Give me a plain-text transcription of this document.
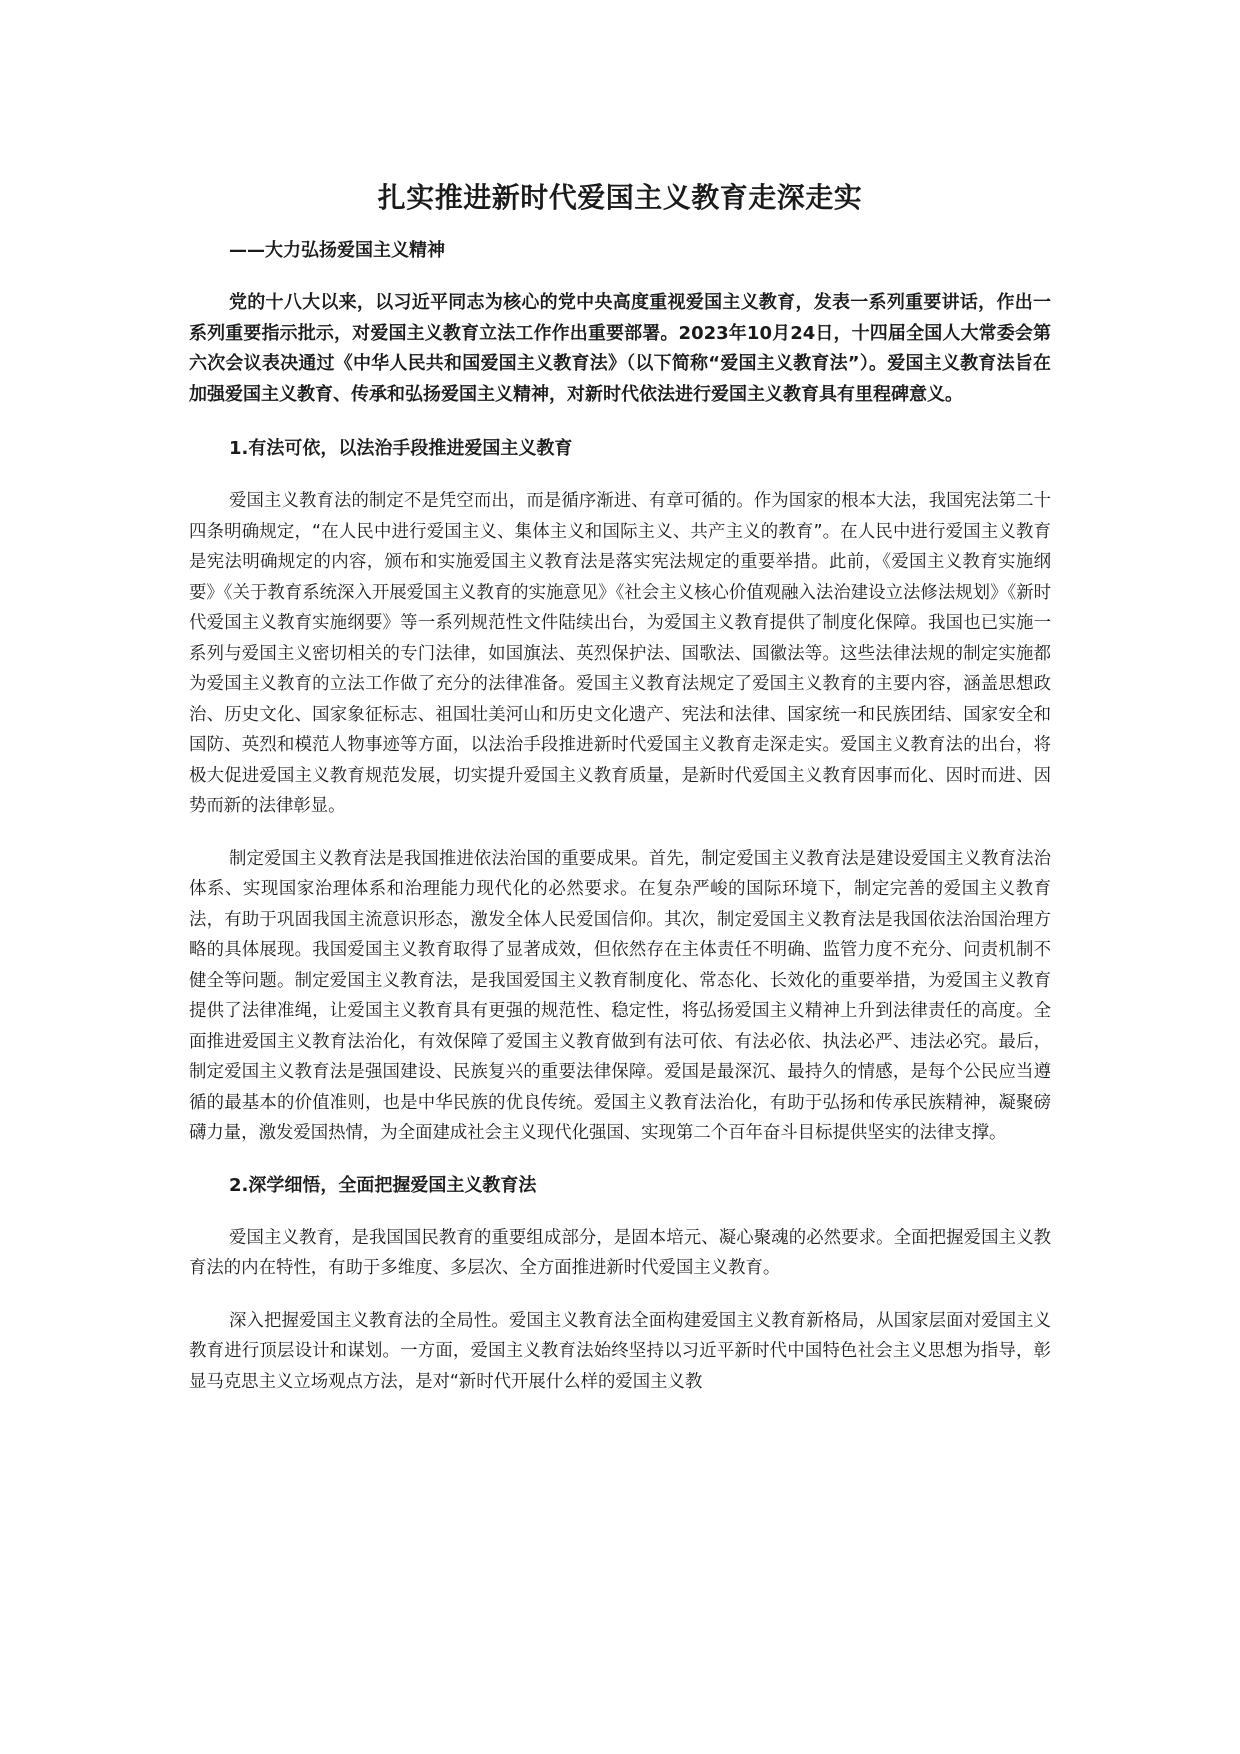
扎实推进新时代爱国主义教育走深走实
——大力弘扬爱国主义精神

党的十八大以来，以习近平同志为核心的党中央高度重视爱国主义教育，发表一系列重要讲话，作出一系列重要指示批示，对爱国主义教育立法工作作出重要部署。2023年10月24日，十四届全国人大常委会第六次会议表决通过《中华人民共和国爱国主义教育法》（以下简称“爱国主义教育法”）。爱国主义教育法旨在加强爱国主义教育、传承和弘扬爱国主义精神，对新时代依法进行爱国主义教育具有里程碑意义。

1.有法可依，以法治手段推进爱国主义教育

爱国主义教育法的制定不是凭空而出，而是循序渐进、有章可循的。作为国家的根本大法，我国宪法第二十四条明确规定，“在人民中进行爱国主义、集体主义和国际主义、共产主义的教育”。在人民中进行爱国主义教育是宪法明确规定的内容，颁布和实施爱国主义教育法是落实宪法规定的重要举措。此前，《爱国主义教育实施纲要》《关于教育系统深入开展爱国主义教育的实施意见》《社会主义核心价值观融入法治建设立法修法规划》《新时代爱国主义教育实施纲要》等一系列规范性文件陆续出台，为爱国主义教育提供了制度化保障。我国也已实施一系列与爱国主义密切相关的专门法律，如国旗法、英烈保护法、国歌法、国徽法等。这些法律法规的制定实施都为爱国主义教育的立法工作做了充分的法律准备。爱国主义教育法规定了爱国主义教育的主要内容，涵盖思想政治、历史文化、国家象征标志、祖国壮美河山和历史文化遗产、宪法和法律、国家统一和民族团结、国家安全和国防、英烈和模范人物事迹等方面，以法治手段推进新时代爱国主义教育走深走实。爱国主义教育法的出台，将极大促进爱国主义教育规范发展，切实提升爱国主义教育质量，是新时代爱国主义教育因事而化、因时而进、因势而新的法律彰显。

制定爱国主义教育法是我国推进依法治国的重要成果。首先，制定爱国主义教育法是建设爱国主义教育法治体系、实现国家治理体系和治理能力现代化的必然要求。在复杂严峻的国际环境下，制定完善的爱国主义教育法，有助于巩固我国主流意识形态，激发全体人民爱国信仰。其次，制定爱国主义教育法是我国依法治国治理方略的具体展现。我国爱国主义教育取得了显著成效，但依然存在主体责任不明确、监管力度不充分、问责机制不健全等问题。制定爱国主义教育法，是我国爱国主义教育制度化、常态化、长效化的重要举措，为爱国主义教育提供了法律准绳，让爱国主义教育具有更强的规范性、稳定性，将弘扬爱国主义精神上升到法律责任的高度。全面推进爱国主义教育法治化，有效保障了爱国主义教育做到有法可依、有法必依、执法必严、违法必究。最后，制定爱国主义教育法是强国建设、民族复兴的重要法律保障。爱国是最深沉、最持久的情感，是每个公民应当遵循的最基本的价值准则，也是中华民族的优良传统。爱国主义教育法治化，有助于弘扬和传承民族精神，凝聚磅礴力量，激发爱国热情，为全面建成社会主义现代化强国、实现第二个百年奋斗目标提供坚实的法律支撑。

2.深学细悟，全面把握爱国主义教育法

爱国主义教育，是我国国民教育的重要组成部分，是固本培元、凝心聚魂的必然要求。全面把握爱国主义教育法的内在特性，有助于多维度、多层次、全方面推进新时代爱国主义教育。

深入把握爱国主义教育法的全局性。爱国主义教育法全面构建爱国主义教育新格局，从国家层面对爱国主义教育进行顶层设计和谋划。一方面，爱国主义教育法始终坚持以习近平新时代中国特色社会主义思想为指导，彰显马克思主义立场观点方法，是对“新时代开展什么样的爱国主义教
